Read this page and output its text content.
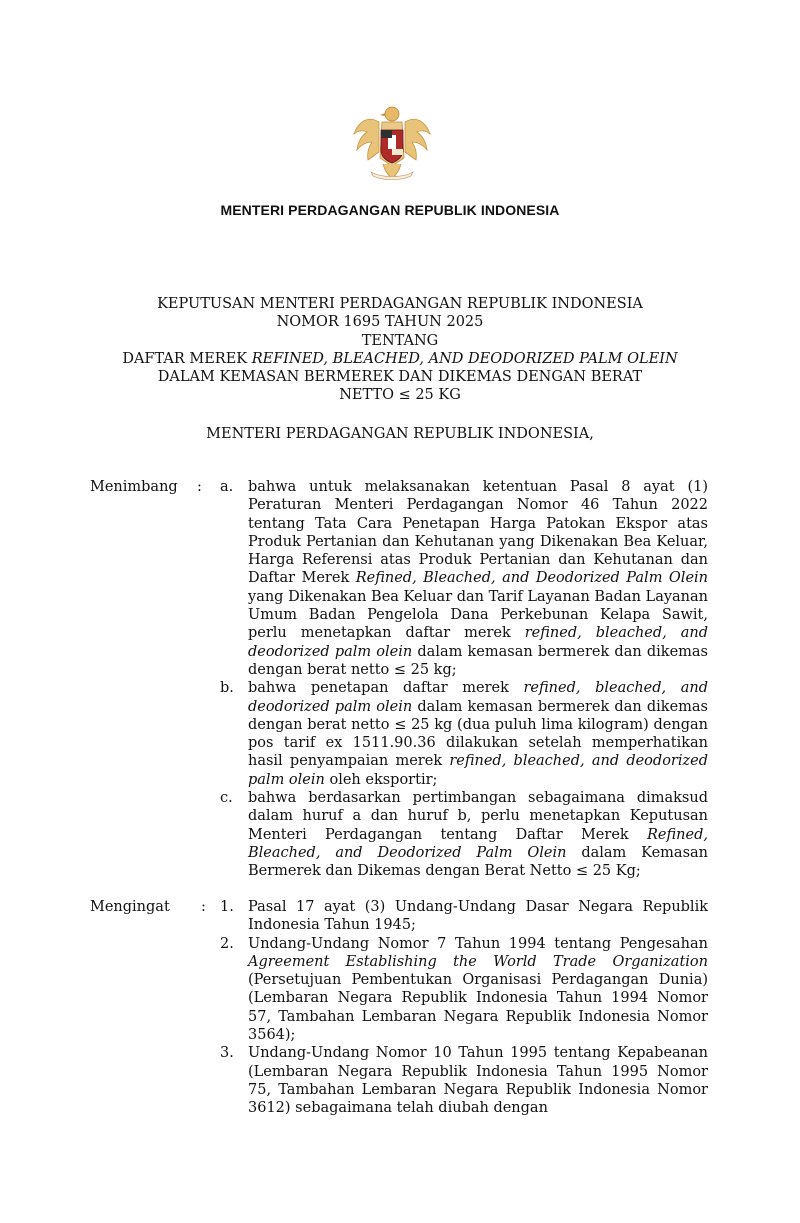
MENTERI PERDAGANGAN REPUBLIK INDONESIA
KEPUTUSAN MENTERI PERDAGANGAN REPUBLIK INDONESIA
NOMOR 1695 TAHUN 2025
TENTANG
DAFTAR MEREK REFINED, BLEACHED, AND DEODORIZED PALM OLEIN
DALAM KEMASAN BERMEREK DAN DIKEMAS DENGAN BERAT
NETTO ≤ 25 KG
MENTERI PERDAGANGAN REPUBLIK INDONESIA,
Menimbang : a.	bahwa untuk melaksanakan ketentuan Pasal 8 ayat (1) Peraturan Menteri Perdagangan Nomor 46 Tahun 2022 tentang Tata Cara Penetapan Harga Patokan Ekspor atas Produk Pertanian dan Kehutanan yang Dikenakan Bea Keluar, Harga Referensi atas Produk Pertanian dan Kehutanan dan Daftar Merek Refined, Bleached, and Deodorized Palm Olein yang Dikenakan Bea Keluar dan Tarif Layanan Badan Layanan Umum Badan Pengelola Dana Perkebunan Kelapa Sawit, perlu menetapkan daftar merek refined, bleached, and deodorized palm olein dalam kemasan bermerek dan dikemas dengan berat netto ≤ 25 kg;
b. bahwa penetapan daftar merek refined, bleached, and deodorized palm olein dalam kemasan bermerek dan dikemas dengan berat netto ≤ 25 kg (dua puluh lima kilogram) dengan pos tarif ex 1511.90.36 dilakukan setelah memperhatikan hasil penyampaian merek refined, bleached, and deodorized palm olein oleh eksportir;
c.	bahwa berdasarkan pertimbangan sebagaimana dimaksud dalam huruf a dan huruf b, perlu menetapkan Keputusan Menteri Perdagangan tentang Daftar Merek Refined, Bleached, and Deodorized Palm Olein dalam Kemasan Bermerek dan Dikemas dengan Berat Netto ≤ 25 Kg;
Mengingat : 1. Pasal 17 ayat (3) Undang-Undang Dasar Negara Republik Indonesia Tahun 1945;
2. Undang-Undang Nomor 7 Tahun 1994 tentang Pengesahan Agreement Establishing the World Trade Organization (Persetujuan Pembentukan Organisasi Perdagangan Dunia) (Lembaran Negara Republik Indonesia Tahun 1994 Nomor 57, Tambahan Lembaran Negara Republik Indonesia Nomor 3564);
3. Undang-Undang Nomor 10 Tahun 1995 tentang Kepabeanan (Lembaran Negara Republik Indonesia Tahun 1995 Nomor 75, Tambahan Lembaran Negara Republik Indonesia Nomor 3612) sebagaimana telah diubah dengan
